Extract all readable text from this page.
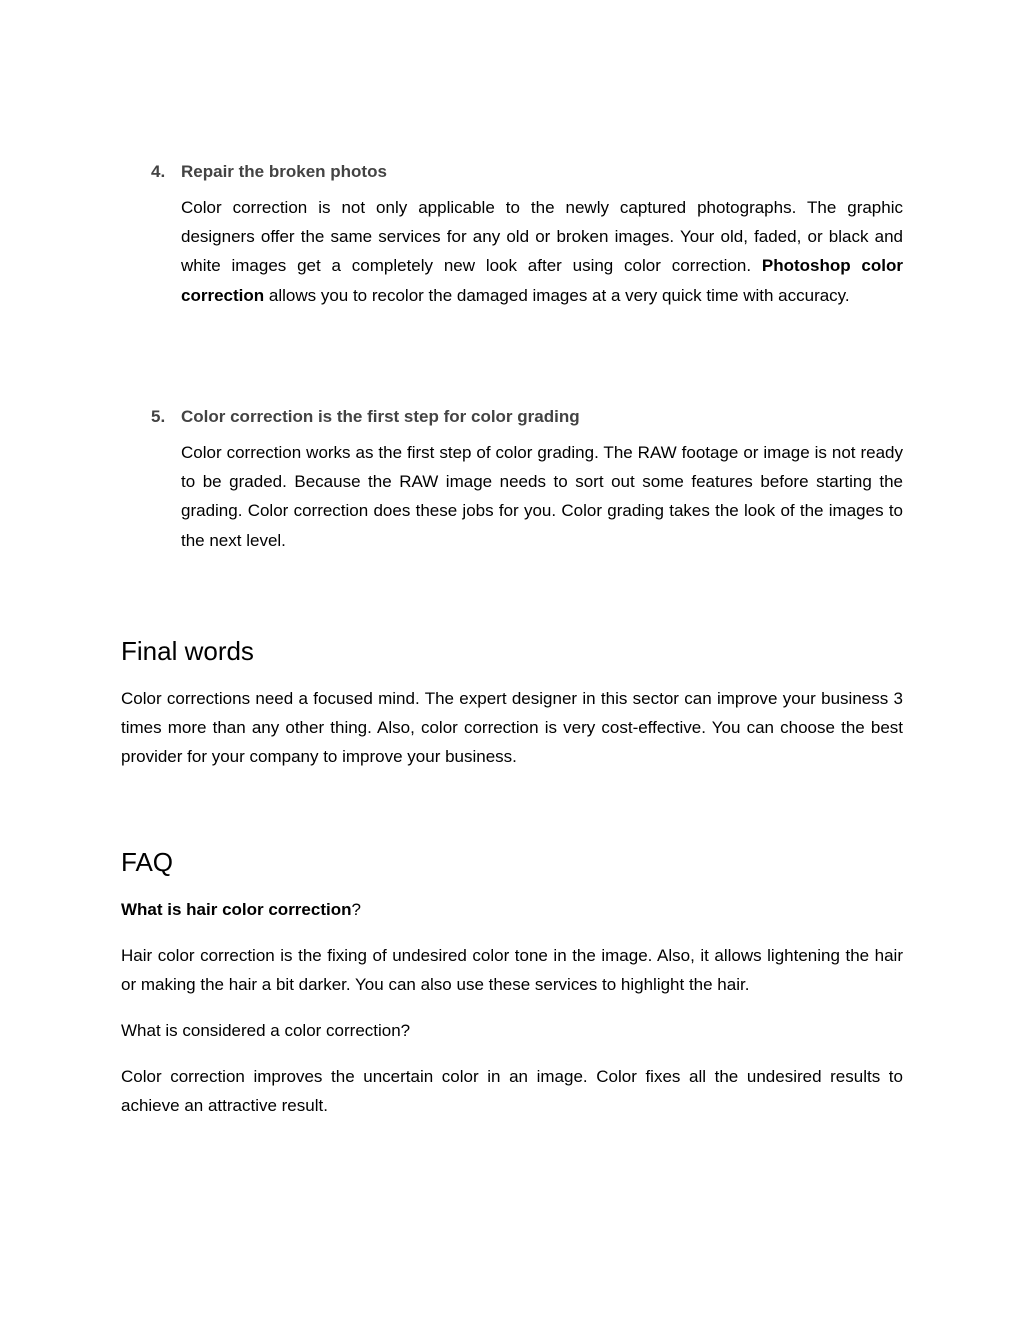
4. Repair the broken photos

Color correction is not only applicable to the newly captured photographs. The graphic designers offer the same services for any old or broken images. Your old, faded, or black and white images get a completely new look after using color correction. Photoshop color correction allows you to recolor the damaged images at a very quick time with accuracy.

5. Color correction is the first step for color grading

Color correction works as the first step of color grading. The RAW footage or image is not ready to be graded. Because the RAW image needs to sort out some features before starting the grading. Color correction does these jobs for you. Color grading takes the look of the images to the next level.

Final words

Color corrections need a focused mind. The expert designer in this sector can improve your business 3 times more than any other thing. Also, color correction is very cost-effective. You can choose the best provider for your company to improve your business.

FAQ

What is hair color correction?

Hair color correction is the fixing of undesired color tone in the image. Also, it allows lightening the hair or making the hair a bit darker. You can also use these services to highlight the hair.

What is considered a color correction?

Color correction improves the uncertain color in an image. Color fixes all the undesired results to achieve an attractive result.
